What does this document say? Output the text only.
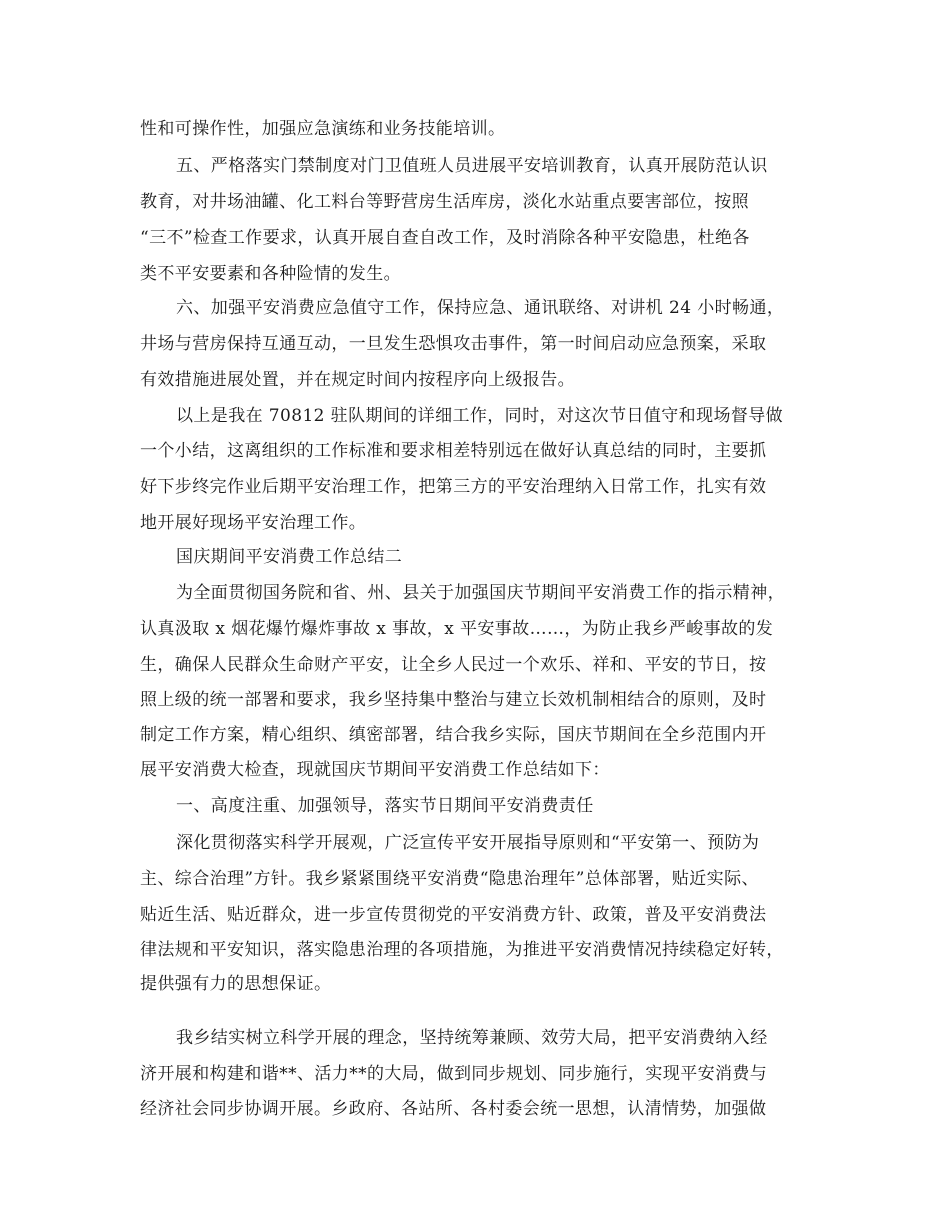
性和可操作性，加强应急演练和业务技能培训。
五、严格落实门禁制度对门卫值班人员进展平安培训教育，认真开展防范认识
教育，对井场油罐、化工料台等野营房生活库房，淡化水站重点要害部位，按照
“三不”检查工作要求，认真开展自查自改工作，及时消除各种平安隐患，杜绝各
类不平安要素和各种险情的发生。
六、加强平安消费应急值守工作，保持应急、通讯联络、对讲机 24 小时畅通，
井场与营房保持互通互动，一旦发生恐惧攻击事件，第一时间启动应急预案，采取
有效措施进展处置，并在规定时间内按程序向上级报告。
以上是我在 70812 驻队期间的详细工作，同时，对这次节日值守和现场督导做
一个小结，这离组织的工作标准和要求相差特别远在做好认真总结的同时，主要抓
好下步终完作业后期平安治理工作，把第三方的平安治理纳入日常工作，扎实有效
地开展好现场平安治理工作。
国庆期间平安消费工作总结二
为全面贯彻国务院和省、州、县关于加强国庆节期间平安消费工作的指示精神，
认真汲取 x 烟花爆竹爆炸事故 x 事故，x 平安事故……，为防止我乡严峻事故的发
生，确保人民群众生命财产平安，让全乡人民过一个欢乐、祥和、平安的节日，按
照上级的统一部署和要求，我乡坚持集中整治与建立长效机制相结合的原则，及时
制定工作方案，精心组织、缜密部署，结合我乡实际，国庆节期间在全乡范围内开
展平安消费大检查，现就国庆节期间平安消费工作总结如下：
一、高度注重、加强领导，落实节日期间平安消费责任
深化贯彻落实科学开展观，广泛宣传平安开展指导原则和“平安第一、预防为
主、综合治理”方针。我乡紧紧围绕平安消费“隐患治理年”总体部署，贴近实际、
贴近生活、贴近群众，进一步宣传贯彻党的平安消费方针、政策，普及平安消费法
律法规和平安知识，落实隐患治理的各项措施，为推进平安消费情况持续稳定好转，
提供强有力的思想保证。
我乡结实树立科学开展的理念，坚持统筹兼顾、效劳大局，把平安消费纳入经
济开展和构建和谐**、活力**的大局，做到同步规划、同步施行，实现平安消费与
经济社会同步协调开展。乡政府、各站所、各村委会统一思想，认清情势，加强做
